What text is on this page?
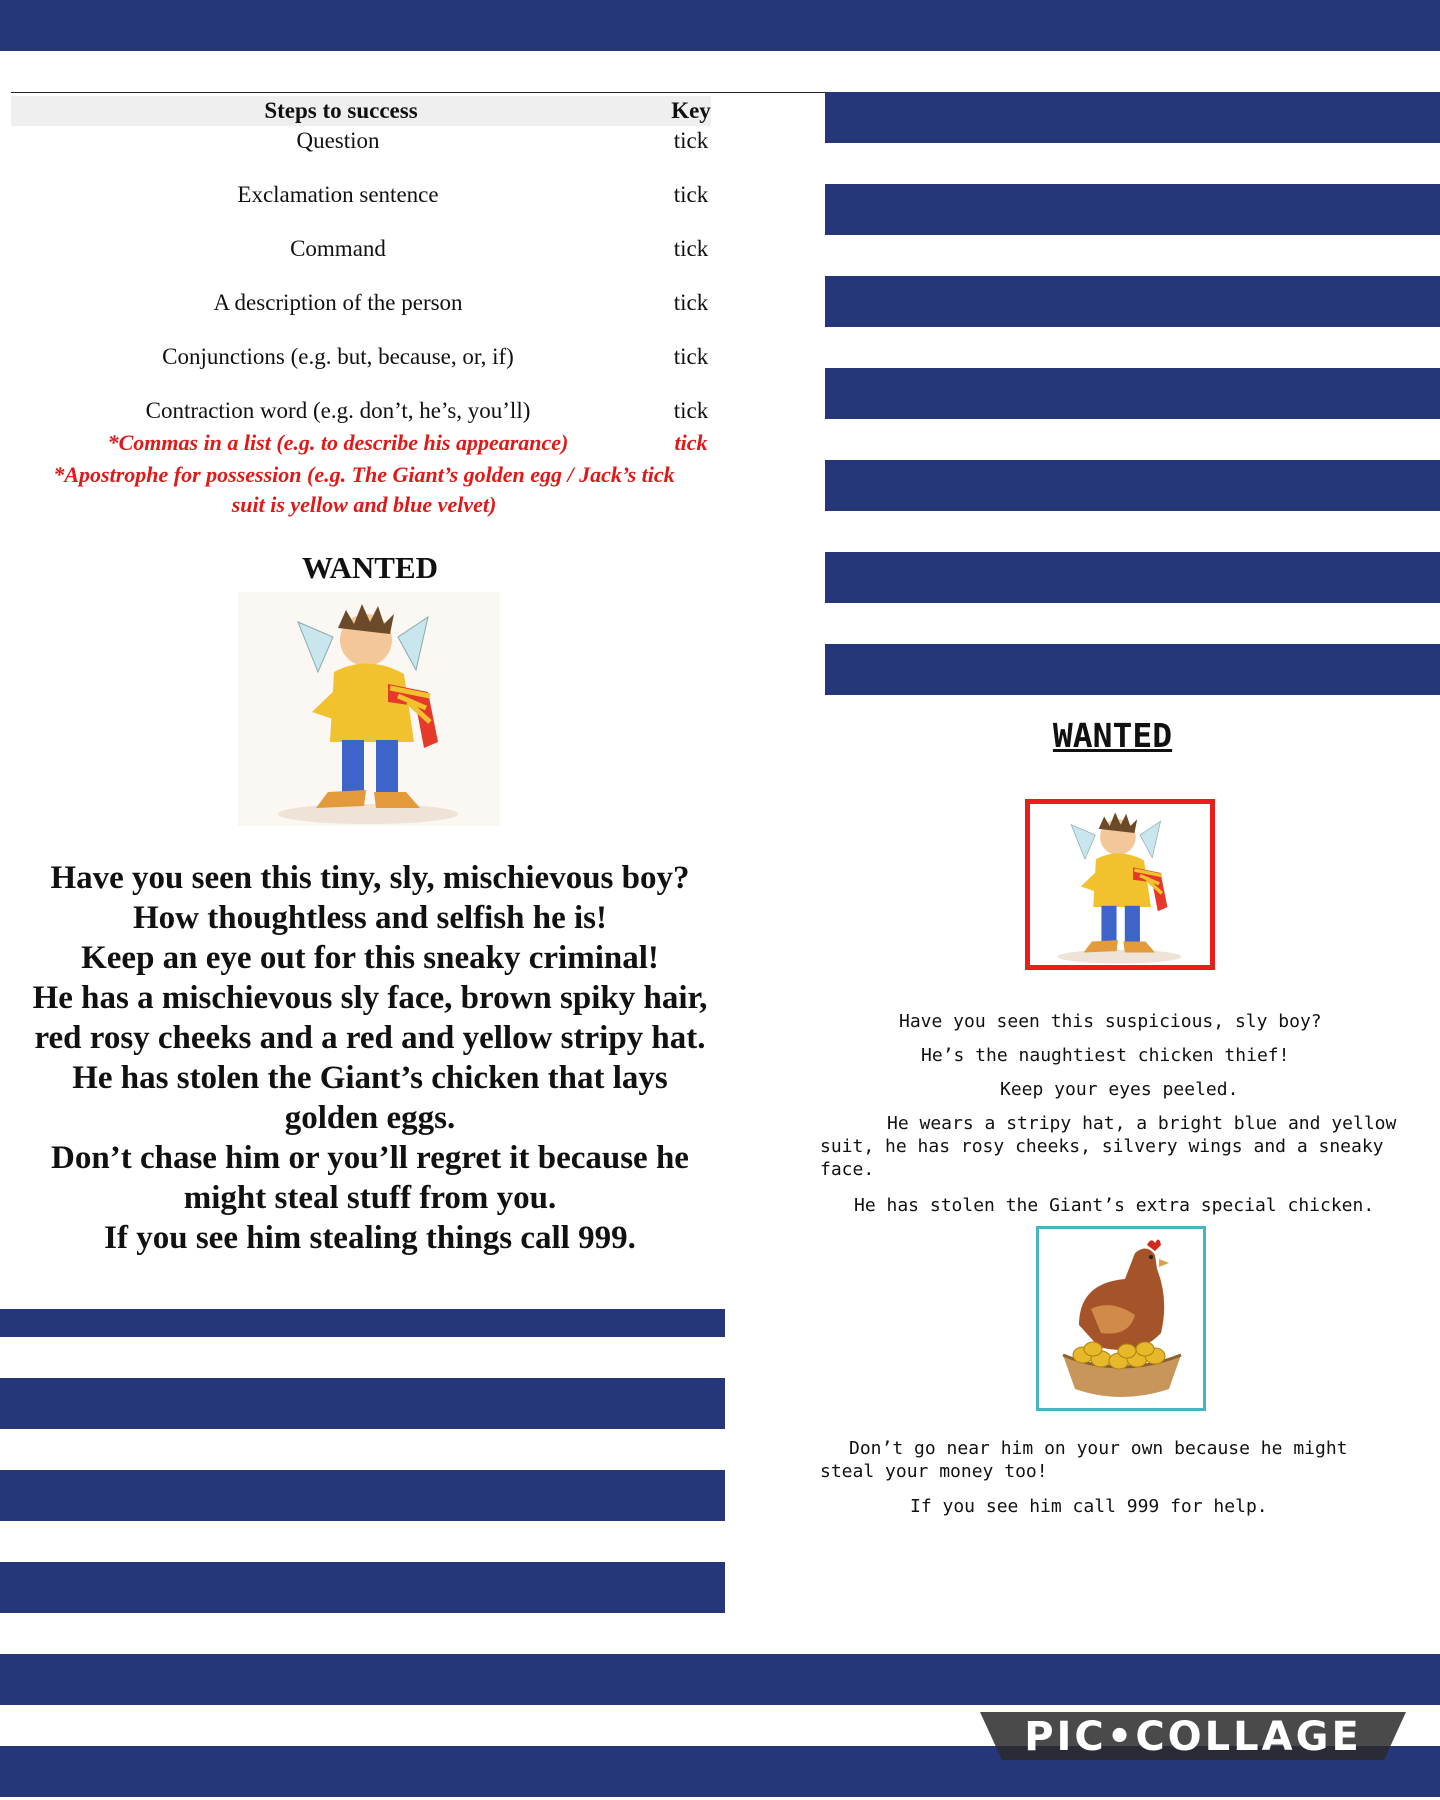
Steps to success	Key
Question	tick
Exclamation sentence	tick
Command	tick
A description of the person	tick
Conjunctions (e.g. but, because, or, if)	tick
Contraction word (e.g. don’t, he’s, you’ll)	tick
*Commas in a list (e.g. to describe his appearance)	tick
*Apostrophe for possession (e.g. The Giant’s golden egg / Jack’s tick
suit is yellow and blue velvet)
WANTED
Have you seen this tiny, sly, mischievous boy?
How thoughtless and selfish he is!
Keep an eye out for this sneaky criminal!
He has a mischievous sly face, brown spiky hair,
red rosy cheeks and a red and yellow stripy hat.
He has stolen the Giant’s chicken that lays
golden eggs.
Don’t chase him or you’ll regret it because he
might steal stuff from you.
If you see him stealing things call 999.
WANTED
Have you seen this suspicious, sly boy?
He’s the naughtiest chicken thief!
Keep your eyes peeled.
He wears a stripy hat, a bright blue and yellow
suit, he has rosy cheeks, silvery wings and a sneaky
face.
He has stolen the Giant’s extra special chicken.
Don’t go near him on your own because he might
steal your money too!
If you see him call 999 for help.
PIC•COLLAGE
